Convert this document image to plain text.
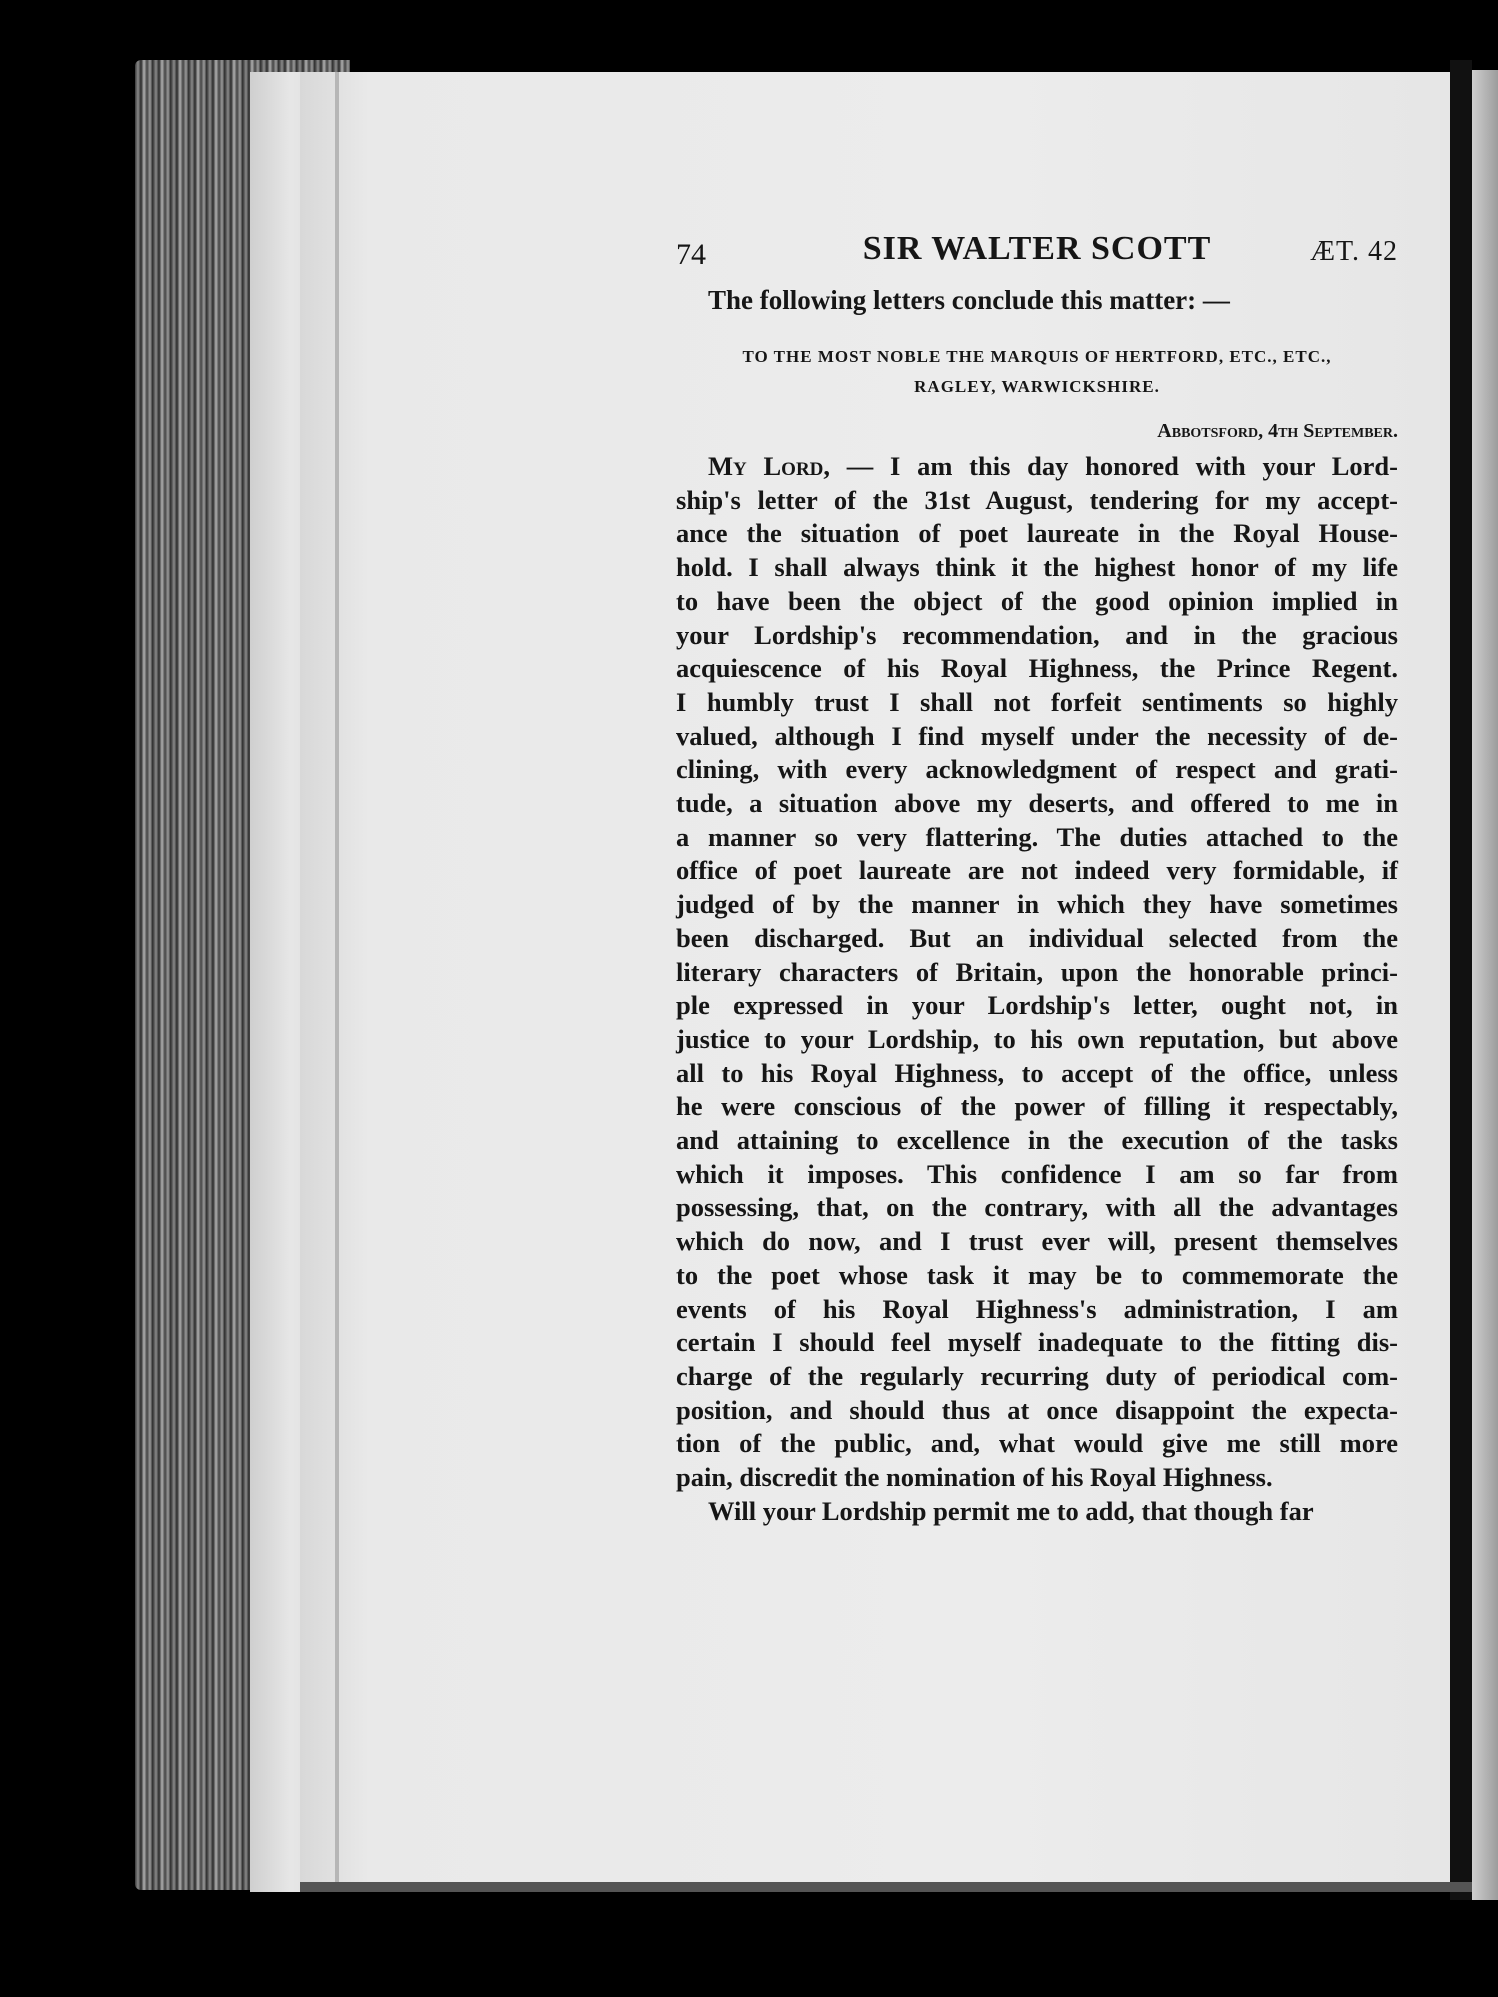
74	SIR WALTER SCOTT	ÆT. 42
The following letters conclude this matter: —
TO THE MOST NOBLE THE MARQUIS OF HERTFORD, ETC., ETC.,
RAGLEY, WARWICKSHIRE.
Abbotsford, 4th September.
My Lord, — I am this day honored with your Lord-
ship's letter of the 31st August, tendering for my accept-
ance the situation of poet laureate in the Royal House-
hold. I shall always think it the highest honor of my life
to have been the object of the good opinion implied in
your Lordship's recommendation, and in the gracious
acquiescence of his Royal Highness, the Prince Regent.
I humbly trust I shall not forfeit sentiments so highly
valued, although I find myself under the necessity of de-
clining, with every acknowledgment of respect and grati-
tude, a situation above my deserts, and offered to me in
a manner so very flattering. The duties attached to the
office of poet laureate are not indeed very formidable, if
judged of by the manner in which they have sometimes
been discharged. But an individual selected from the
literary characters of Britain, upon the honorable princi-
ple expressed in your Lordship's letter, ought not, in
justice to your Lordship, to his own reputation, but above
all to his Royal Highness, to accept of the office, unless
he were conscious of the power of filling it respectably,
and attaining to excellence in the execution of the tasks
which it imposes. This confidence I am so far from
possessing, that, on the contrary, with all the advantages
which do now, and I trust ever will, present themselves
to the poet whose task it may be to commemorate the
events of his Royal Highness's administration, I am
certain I should feel myself inadequate to the fitting dis-
charge of the regularly recurring duty of periodical com-
position, and should thus at once disappoint the expecta-
tion of the public, and, what would give me still more
pain, discredit the nomination of his Royal Highness.
Will your Lordship permit me to add, that though far
